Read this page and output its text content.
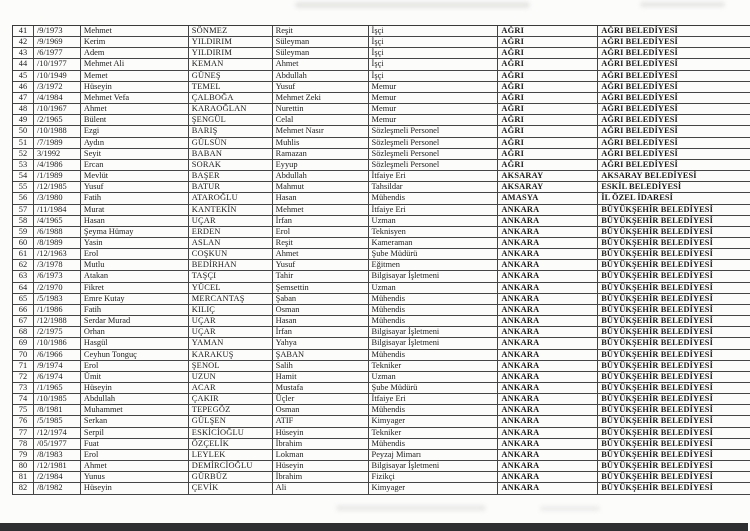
41	/9/1973	Mehmet	SÖNMEZ	Reşit	İşçi	AĞRI	AĞRI BELEDİYESİ
42	/9/1969	Kerim	YILDIRIM	Süleyman	İşçi	AĞRI	AĞRI BELEDİYESİ
43	/6/1977	Adem	YILDIRIM	Süleyman	İşçi	AĞRI	AĞRI BELEDİYESİ
44	/10/1977	Mehmet Ali	KEMAN	Ahmet	İşçi	AĞRI	AĞRI BELEDİYESİ
45	/10/1949	Memet	GÜNEŞ	Abdullah	İşçi	AĞRI	AĞRI BELEDİYESİ
46	/3/1972	Hüseyin	TEMEL	Yusuf	Memur	AĞRI	AĞRI BELEDİYESİ
47	/4/1984	Mehmet Vefa	ÇALBOĞA	Mehmet Zeki	Memur	AĞRI	AĞRI BELEDİYESİ
48	/10/1967	Ahmet	KARAOĞLAN	Nurettin	Memur	AĞRI	AĞRI BELEDİYESİ
49	/2/1965	Bülent	ŞENGÜL	Celal	Memur	AĞRI	AĞRI BELEDİYESİ
50	/10/1988	Ezgi	BARIŞ	Mehmet Nasır	Sözleşmeli Personel	AĞRI	AĞRI BELEDİYESİ
51	/7/1989	Aydın	GÜLSÜN	Muhlis	Sözleşmeli Personel	AĞRI	AĞRI BELEDİYESİ
52	3/1992	Seyit	BABAN	Ramazan	Sözleşmeli Personel	AĞRI	AĞRI BELEDİYESİ
53	/4/1986	Ercan	SORAK	Eyyup	Sözleşmeli Personel	AĞRI	AĞRI BELEDİYESİ
54	/1/1989	Mevlüt	BAŞER	Abdullah	İtfaiye Eri	AKSARAY	AKSARAY BELEDİYESİ
55	/12/1985	Yusuf	BATUR	Mahmut	Tahsildar	AKSARAY	ESKİL BELEDİYESİ
56	/3/1980	Fatih	ATAROĞLU	Hasan	Mühendis	AMASYA	İL ÖZEL İDARESİ
57	/11/1984	Murat	KANTEKİN	Mehmet	İtfaiye Eri	ANKARA	BÜYÜKŞEHİR BELEDİYESİ
58	/4/1965	Hasan	UÇAR	İrfan	Uzman	ANKARA	BÜYÜKŞEHİR BELEDİYESİ
59	/6/1988	Şeyma Hümay	ERDEN	Erol	Teknisyen	ANKARA	BÜYÜKŞEHİR BELEDİYESİ
60	/8/1989	Yasin	ASLAN	Reşit	Kameraman	ANKARA	BÜYÜKŞEHİR BELEDİYESİ
61	/12/1963	Erol	COŞKUN	Ahmet	Şube Müdürü	ANKARA	BÜYÜKŞEHİR BELEDİYESİ
62	/3/1978	Mutlu	BEDİRHAN	Yusuf	Eğitmen	ANKARA	BÜYÜKŞEHİR BELEDİYESİ
63	/6/1973	Atakan	TAŞÇI	Tahir	Bilgisayar İşletmeni	ANKARA	BÜYÜKŞEHİR BELEDİYESİ
64	/2/1970	Fikret	YÜCEL	Şemsettin	Uzman	ANKARA	BÜYÜKŞEHİR BELEDİYESİ
65	/5/1983	Emre Kutay	MERCANTAŞ	Şaban	Mühendis	ANKARA	BÜYÜKŞEHİR BELEDİYESİ
66	/1/1986	Fatih	KILIÇ	Osman	Mühendis	ANKARA	BÜYÜKŞEHİR BELEDİYESİ
67	/12/1988	Serdar Murad	UÇAR	Hasan	Mühendis	ANKARA	BÜYÜKŞEHİR BELEDİYESİ
68	/2/1975	Orhan	UÇAR	İrfan	Bilgisayar İşletmeni	ANKARA	BÜYÜKŞEHİR BELEDİYESİ
69	/10/1986	Hasgül	YAMAN	Yahya	Bilgisayar İşletmeni	ANKARA	BÜYÜKŞEHİR BELEDİYESİ
70	/6/1966	Ceyhun Tonguç	KARAKUŞ	ŞABAN	Mühendis	ANKARA	BÜYÜKŞEHİR BELEDİYESİ
71	/9/1974	Erol	ŞENOL	Salih	Tekniker	ANKARA	BÜYÜKŞEHİR BELEDİYESİ
72	/6/1974	Ümit	UZUN	Hamit	Uzman	ANKARA	BÜYÜKŞEHİR BELEDİYESİ
73	/1/1965	Hüseyin	ACAR	Mustafa	Şube Müdürü	ANKARA	BÜYÜKŞEHİR BELEDİYESİ
74	/10/1985	Abdullah	ÇAKIR	Üçler	İtfaiye Eri	ANKARA	BÜYÜKŞEHİR BELEDİYESİ
75	/8/1981	Muhammet	TEPEGÖZ	Osman	Mühendis	ANKARA	BÜYÜKŞEHİR BELEDİYESİ
76	/5/1985	Serkan	GÜLŞEN	ATIF	Kimyager	ANKARA	BÜYÜKŞEHİR BELEDİYESİ
77	/12/1974	Serpil	ESKİCİOĞLU	Hüseyin	Tekniker	ANKARA	BÜYÜKŞEHİR BELEDİYESİ
78	/05/1977	Fuat	ÖZÇELİK	İbrahim	Mühendis	ANKARA	BÜYÜKŞEHİR BELEDİYESİ
79	/8/1983	Erol	LEYLEK	Lokman	Peyzaj Mimarı	ANKARA	BÜYÜKŞEHİR BELEDİYESİ
80	/12/1981	Ahmet	DEMİRCİOĞLU	Hüseyin	Bilgisayar İşletmeni	ANKARA	BÜYÜKŞEHİR BELEDİYESİ
81	/2/1984	Yunus	GÜRBÜZ	İbrahim	Fizikçi	ANKARA	BÜYÜKŞEHİR BELEDİYESİ
82	/8/1982	Hüseyin	ÇEVİK	Ali	Kimyager	ANKARA	BÜYÜKŞEHİR BELEDİYESİ
